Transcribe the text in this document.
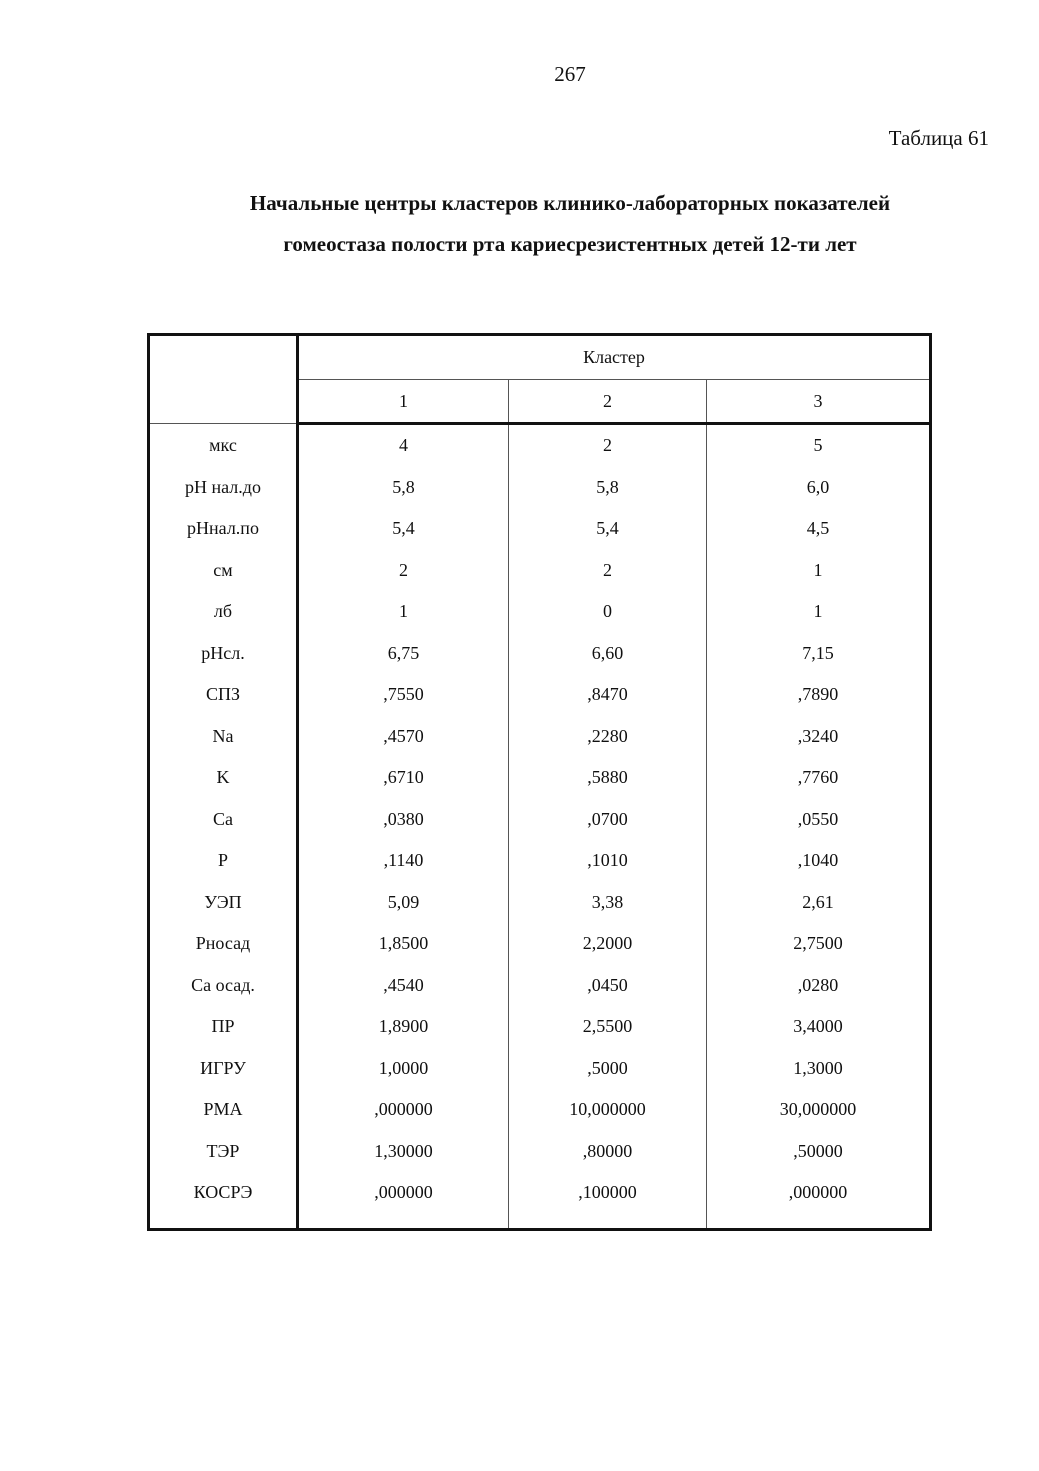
267
Таблица 61
Начальные центры кластеров клинико-лабораторных показателей
гомеостаза полости рта кариесрезистентных детей 12-ти лет
	Кластер		
	1	2	3
мкс	4	2	5
рН нал.до	5,8	5,8	6,0
рНнал.по	5,4	5,4	4,5
см	2	2	1
лб	1	0	1
рНсл.	6,75	6,60	7,15
СПЗ	,7550	,8470	,7890
Na	,4570	,2280	,3240
K	,6710	,5880	,7760
Ca	,0380	,0700	,0550
P	,1140	,1010	,1040
УЭП	5,09	3,38	2,61
Рносад	1,8500	2,2000	2,7500
Са осад.	,4540	,0450	,0280
ПР	1,8900	2,5500	3,4000
ИГРУ	1,0000	,5000	1,3000
РМА	,000000	10,000000	30,000000
ТЭР	1,30000	,80000	,50000
КОСРЭ	,000000	,100000	,000000
